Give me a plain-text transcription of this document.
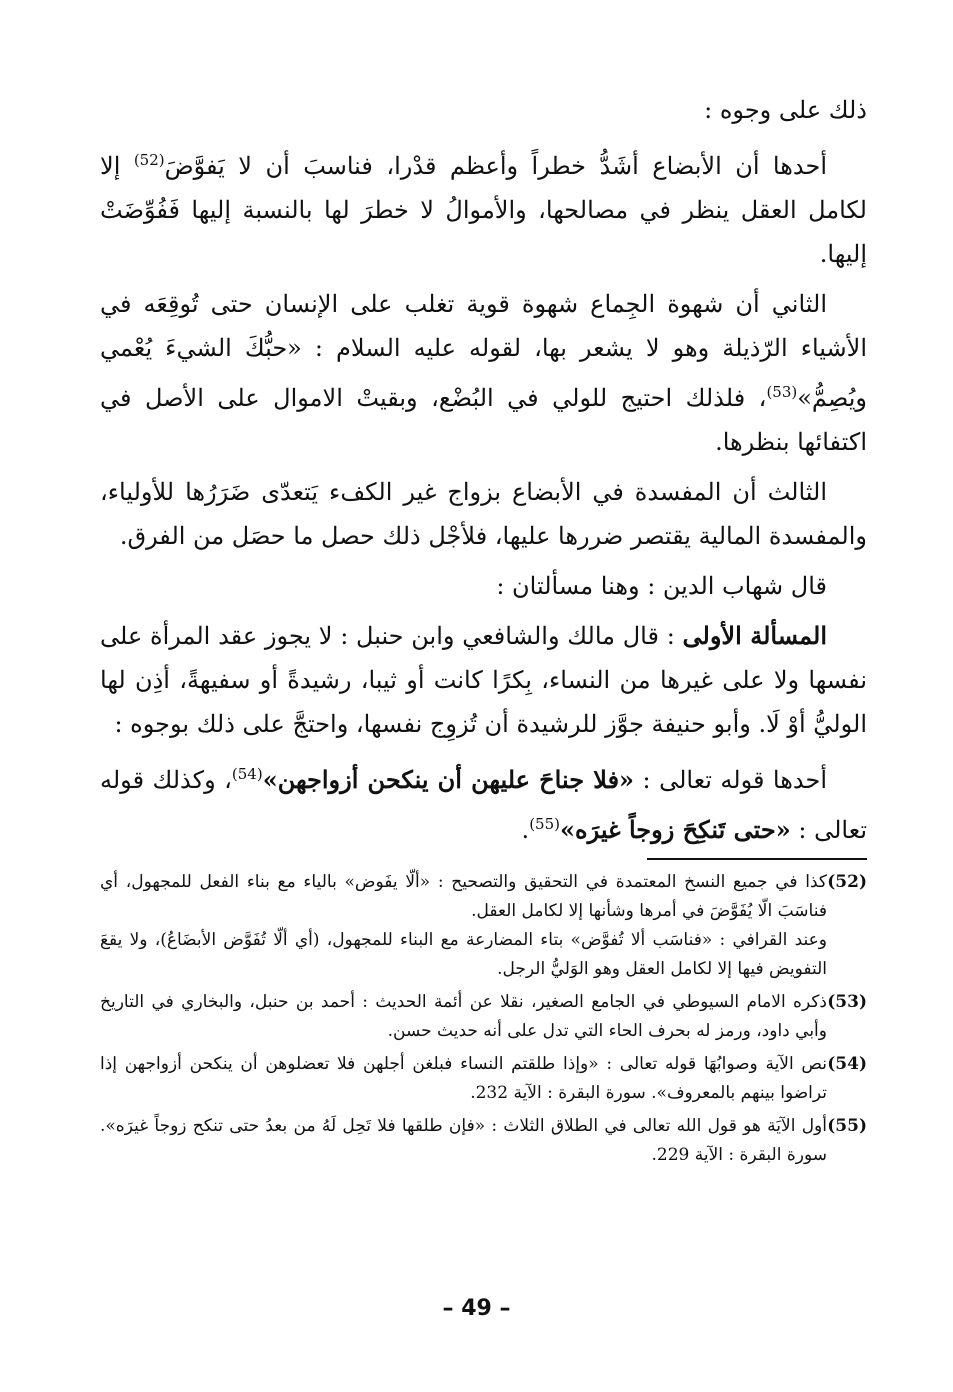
ذلك على وجوه :

أحدها أن الأبضاع أشَدُّ خطراً وأعظم قدْرا، فناسبَ أن لا يَفوَّضَ$^{(52)}$ إلا لكامل العقل ينظر في مصالحها، والأموالُ لا خطرَ لها بالنسبة إليها فَفُوِّضَتْ إليها.

الثاني أن شهوة الجِماع شهوة قوية تغلب على الإنسان حتى تُوقِعَه في الأشياء الرّذيلة وهو لا يشعر بها، لقوله عليه السلام : «حبُّكَ الشيءَ يُعْمي ويُصِمُّ»$^{(53)}$، فلذلك احتيج للولي في البُضْع، وبقيتْ الاموال على الأصل في اكتفائها بنظرها.

الثالث أن المفسدة في الأبضاع بزواج غير الكفء يَتعدّى ضَرَرُها للأولياء، والمفسدة المالية يقتصر ضررها عليها، فلأجْل ذلك حصل ما حصَل من الفرق.

قال شهاب الدين : وهنا مسألتان :

المسألة الأولى : قال مالك والشافعي وابن حنبل : لا يجوز عقد المرأة على نفسها ولا على غيرها من النساء، بِكرًا كانت أو ثيبا، رشيدةً أو سفيهةً، أذِن لها الوليُّ أوْ لَا. وأبو حنيفة جوَّز للرشيدة أن تُزوِج نفسها، واحتجَّ على ذلك بوجوه :

أحدها قوله تعالى : «فلا جناحَ عليهن أن ينكحن أزواجهن»$^{(54)}$، وكذلك قوله تعالى : «حتى تَنكِحَ زوجاً غيرَه»$^{(55)}$.

(52)
كذا في جميع النسخ المعتمدة في التحقيق والتصحيح : «ألّا يفَوض» بالياء مع بناء الفعل للمجهول، أي فناسَبَ الّا يُفَوَّضَ في أمرها وشأنها إلا لكامل العقل.
وعند القرافي : «فناسَب ألا تُفوَّض» بتاء المضارعة مع البناء للمجهول، (أي ألّا تُفَوَّض الأبضَاعُ)، ولا يقعَ التفويض فيها إلا لكامل العقل وهو الوَليُّ الرجل.
(53)
ذكره الامام السيوطي في الجامع الصغير، نقلا عن أئمة الحديث : أحمد بن حنبل، والبخاري في التاريخ وأبي داود، ورمز له بحرف الحاء التي تدل على أنه حديث حسن.
(54)
نص الآية وصوابُهَا قوله تعالى : «وإذا طلقتم النساء فبلغن أجلهن فلا تعضلوهن أن ينكحن أزواجهن إذا تراضوا بينهم بالمعروف». سورة البقرة : الآية 232.
(55)
أول الآيَة هو قول الله تعالى في الطلاق الثلاث : «فإن طلقها فلا تَحِل لَهُ من بعدُ حتى تنكح زوجاً غيرَه». سورة البقرة : الآية 229.
– 49 –
